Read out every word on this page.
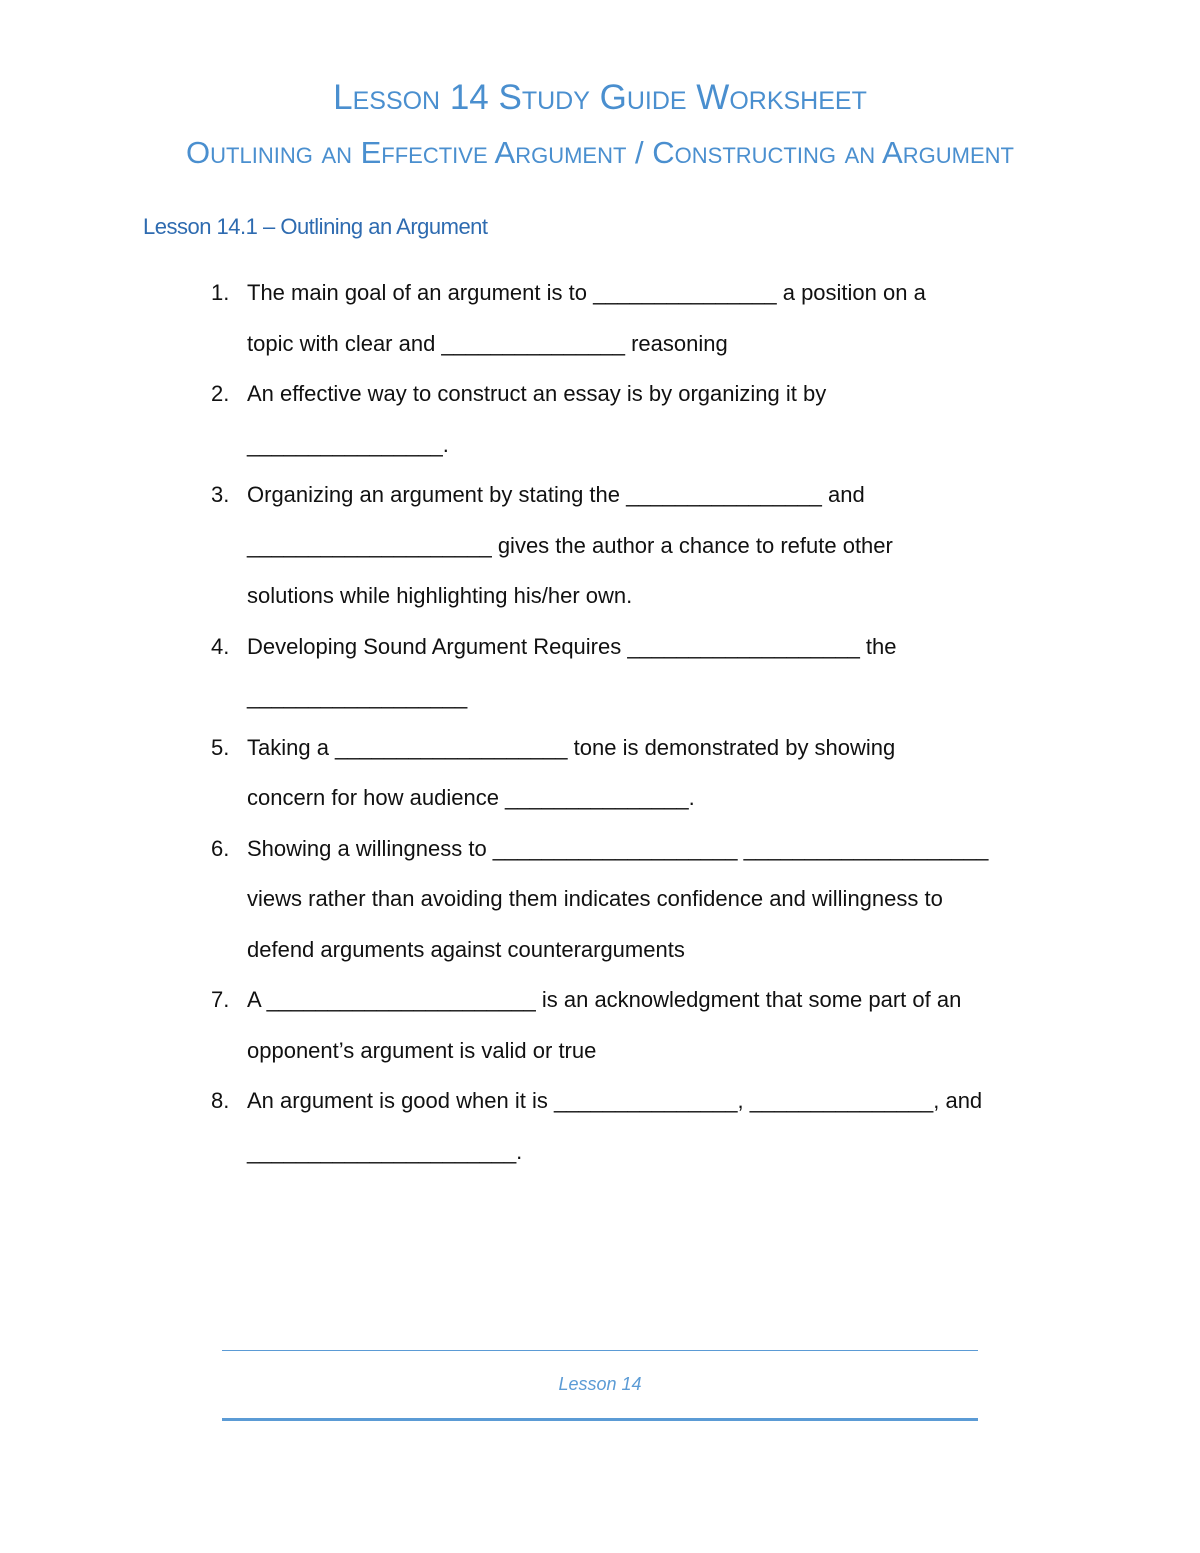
Lesson 14 Study Guide Worksheet
Outlining an Effective Argument / Constructing an Argument
Lesson 14.1 – Outlining an Argument
1. The main goal of an argument is to _______________ a position on a
topic with clear and _______________ reasoning
2. An effective way to construct an essay is by organizing it by
________________.
3. Organizing an argument by stating the ________________ and
____________________ gives the author a chance to refute other
solutions while highlighting his/her own.
4. Developing Sound Argument Requires ___________________ the
__________________
5. Taking a ___________________ tone is demonstrated by showing
concern for how audience _______________.
6. Showing a willingness to ____________________ ____________________
views rather than avoiding them indicates confidence and willingness to
defend arguments against counterarguments
7. A ______________________ is an acknowledgment that some part of an
opponent’s argument is valid or true
8. An argument is good when it is _______________, _______________, and
______________________.
Lesson 14
